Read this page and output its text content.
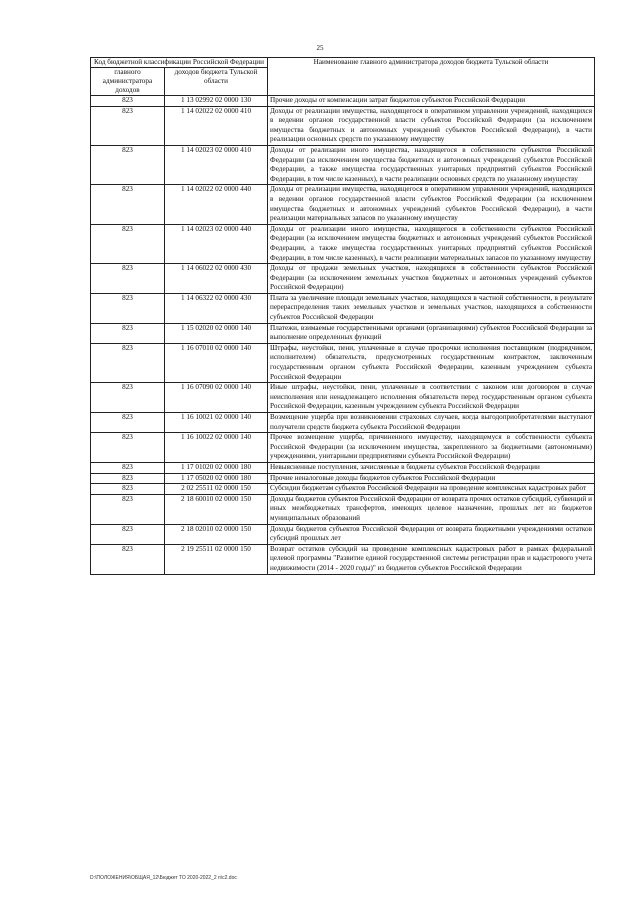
25
Код бюджетной классификации Российской Федерации		Наименование главного администратора доходов бюджета Тульской области
главного администратора доходов	доходов бюджета Тульской области	
823	1 13 02992 02 0000 130	Прочие доходы от компенсации затрат бюджетов субъектов Российской Федерации
823	1 14 02022 02 0000 410	Доходы от реализации имущества, находящегося в оперативном управлении учреждений, находящихся в ведении органов государственной власти субъектов Российской Федерации (за исключением имущества бюджетных и автономных учреждений субъектов Российской Федерации), в части реализации основных средств по указанному имуществу
823	1 14 02023 02 0000 410	Доходы от реализации иного имущества, находящегося в собственности субъектов Российской Федерации (за исключением имущества бюджетных и автономных учреждений субъектов Российской Федерации, а также имущества государственных унитарных предприятий субъектов Российской Федерации, в том числе казенных), в части реализации основных средств по указанному имуществу
823	1 14 02022 02 0000 440	Доходы от реализации имущества, находящегося в оперативном управлении учреждений, находящихся в ведении органов государственной власти субъектов Российской Федерации (за исключением имущества бюджетных и автономных учреждений субъектов Российской Федерации), в части реализации материальных запасов по указанному имуществу
823	1 14 02023 02 0000 440	Доходы от реализации иного имущества, находящегося в собственности субъектов Российской Федерации (за исключением имущества бюджетных и автономных учреждений субъектов Российской Федерации, а также имущества государственных унитарных предприятий субъектов Российской Федерации, в том числе казенных), в части реализации материальных запасов по указанному имуществу
823	1 14 06022 02 0000 430	Доходы от продажи земельных участков, находящихся в собственности субъектов Российской Федерации (за исключением земельных участков бюджетных и автономных учреждений субъектов Российской Федерации)
823	1 14 06322 02 0000 430	Плата за увеличение площади земельных участков, находящихся в частной собственности, в результате перераспределения таких земельных участков и земельных участков, находящихся в собственности субъектов Российской Федерации
823	1 15 02020 02 0000 140	Платежи, взимаемые государственными органами (организациями) субъектов Российской Федерации за выполнение определенных функций
823	1 16 07010 02 0000 140	Штрафы, неустойки, пени, уплаченные в случае просрочки исполнения поставщиком (подрядчиком, исполнителем) обязательств, предусмотренных государственным контрактом, заключенным государственным органом субъекта Российской Федерации, казенным учреждением субъекта Российской Федерации
823	1 16 07090 02 0000 140	Иные штрафы, неустойки, пени, уплаченные в соответствии с законом или договором в случае неисполнения или ненадлежащего исполнения обязательств перед государственным органом субъекта Российской Федерации, казенным учреждением субъекта Российской Федерации
823	1 16 10021 02 0000 140	Возмещение ущерба при возникновении страховых случаев, когда выгодоприобретателями выступают получатели средств бюджета субъекта Российской Федерации
823	1 16 10022 02 0000 140	Прочее возмещение ущерба, причиненного имуществу, находящемуся в собственности субъекта Российской Федерации (за исключением имущества, закрепленного за бюджетными (автономными) учреждениями, унитарными предприятиями субъекта Российской Федерации)
823	1 17 01020 02 0000 180	Невыясненные поступления, зачисляемые в бюджеты субъектов Российской Федерации
823	1 17 05020 02 0000 180	Прочие неналоговые доходы бюджетов субъектов Российской Федерации
823	2 02 25511 02 0000 150	Субсидии бюджетам субъектов Российской Федерации на проведение комплексных кадастровых работ
823	2 18 60010 02 0000 150	Доходы бюджетов субъектов Российской Федерации от возврата прочих остатков субсидий, субвенций и иных межбюджетных трансфертов, имеющих целевое назначение, прошлых лет из бюджетов муниципальных образований
823	2 18 02010 02 0000 150	Доходы бюджетов субъектов Российской Федерации от возврата бюджетными учреждениями остатков субсидий прошлых лет
823	2 19 25511 02 0000 150	Возврат остатков субсидий на проведение комплексных кадастровых работ в рамках федеральной целевой программы "Развитие единой государственной системы регистрации прав и кадастрового учета недвижимости (2014 - 2020 годы)" из бюджетов субъектов Российской Федерации
D:\ПОЛОЖЕНИЯ\ОБЩАЯ_12\Бюджет ТО 2020-2022_2 п\с2.doc
